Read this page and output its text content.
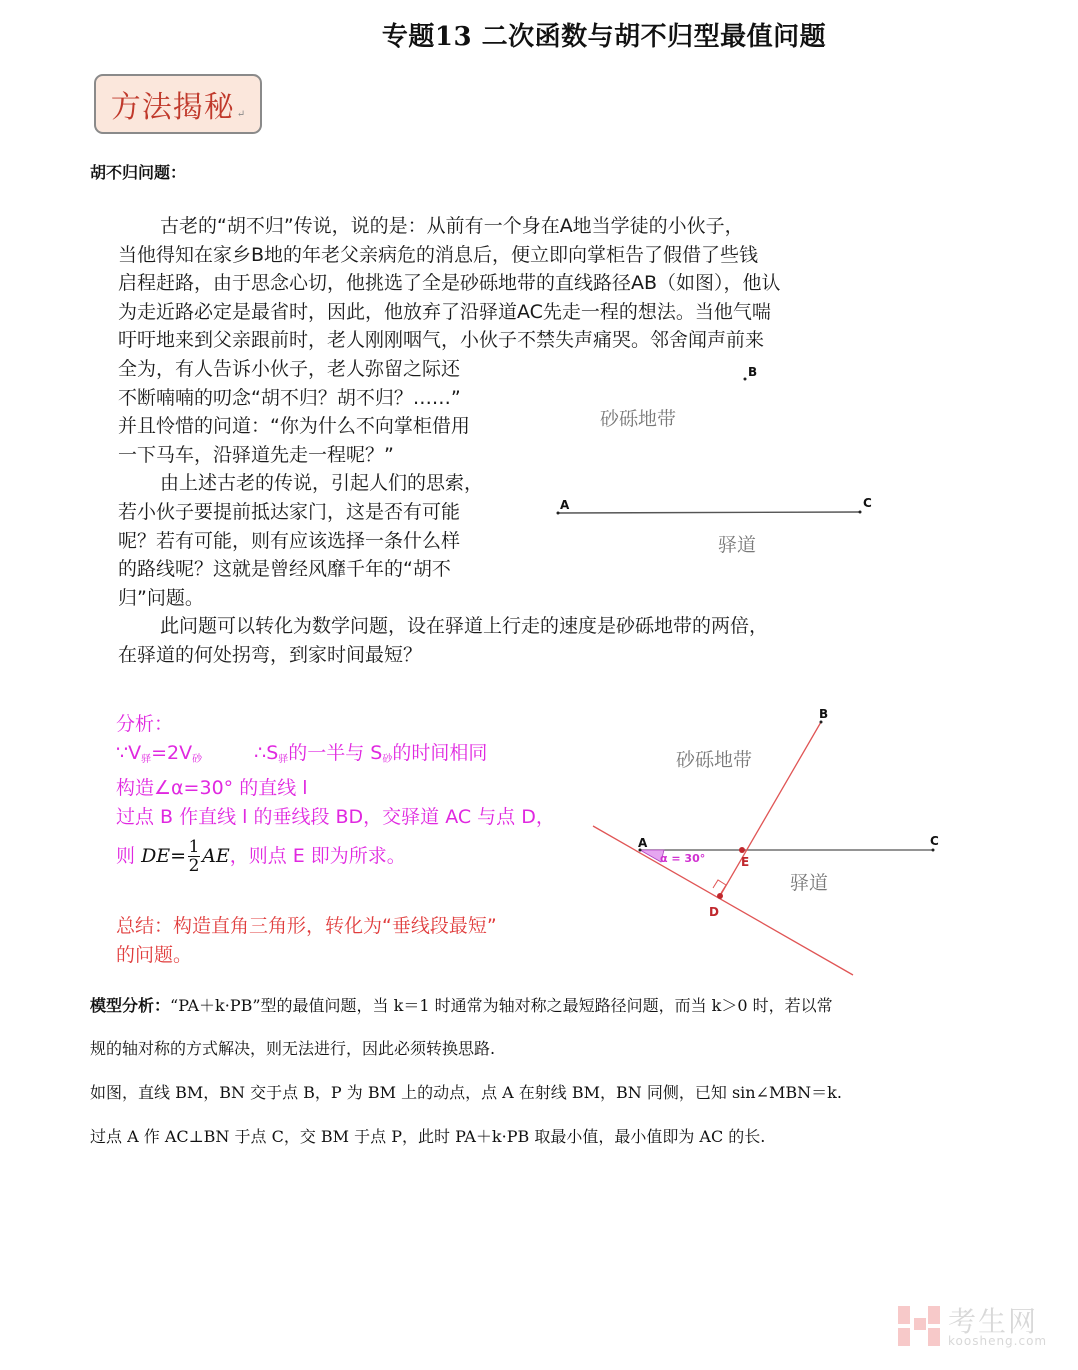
专题13 二次函数与胡不归型最值问题
方法揭秘 ↵
胡不归问题：

古老的“胡不归”传说，说的是：从前有一个身在A地当学徒的小伙子，

当他得知在家乡B地的年老父亲病危的消息后，便立即向掌柜告了假借了些钱

启程赶路，由于思念心切，他挑选了全是砂砾地带的直线路径AB（如图），他认

为走近路必定是最省时，因此，他放弃了沿驿道AC先走一程的想法。当他气喘

吁吁地来到父亲跟前时，老人刚刚咽气，小伙子不禁失声痛哭。邻舍闻声前来

全为，有人告诉小伙子，老人弥留之际还

不断喃喃的叨念“胡不归？胡不归？……”

并且怜惜的问道：“你为什么不向掌柜借用

一下马车，沿驿道先走一程呢？”

由上述古老的传说，引起人们的思索，

若小伙子要提前抵达家门，这是否有可能

呢？若有可能，则有应该选择一条什么样

的路线呢？这就是曾经风靡千年的“胡不

归”问题。

此问题可以转化为数学问题，设在驿道上行走的速度是砂砾地带的两倍，

在驿道的何处拐弯，到家时间最短？

B
A	C
砂砾地带
驿道

分析：

$\because V_驿=2V_砂$	$\therefore S_驿$的一半与 $S_砂$的时间相同

构造∠α=30° 的直线 l

过点 B 作直线 l 的垂线段 BD，交驿道 AC 与点 D，

则 $DE= \frac{1}{2}$ AE，则点 E 即为所求。

总结：构造直角三角形，转化为“垂线段最短”

的问题。

B
A	C
E
D
α = 30°
砂砾地带
驿道
模型分析：“PA＋k·PB”型的最值问题，当 k＝1 时通常为轴对称之最短路径问题，而当 k＞0 时，若以常
规的轴对称的方式解决，则无法进行，因此必须转换思路.
如图，直线 BM，BN 交于点 B，P 为 BM 上的动点，点 A 在射线 BM，BN 同侧，已知 sin∠MBN＝k.
过点 A 作 AC⊥BN 于点 C，交 BM 于点 P，此时 PA＋k·PB 取最小值，最小值即为 AC 的长.
考生网
koosheng.com
